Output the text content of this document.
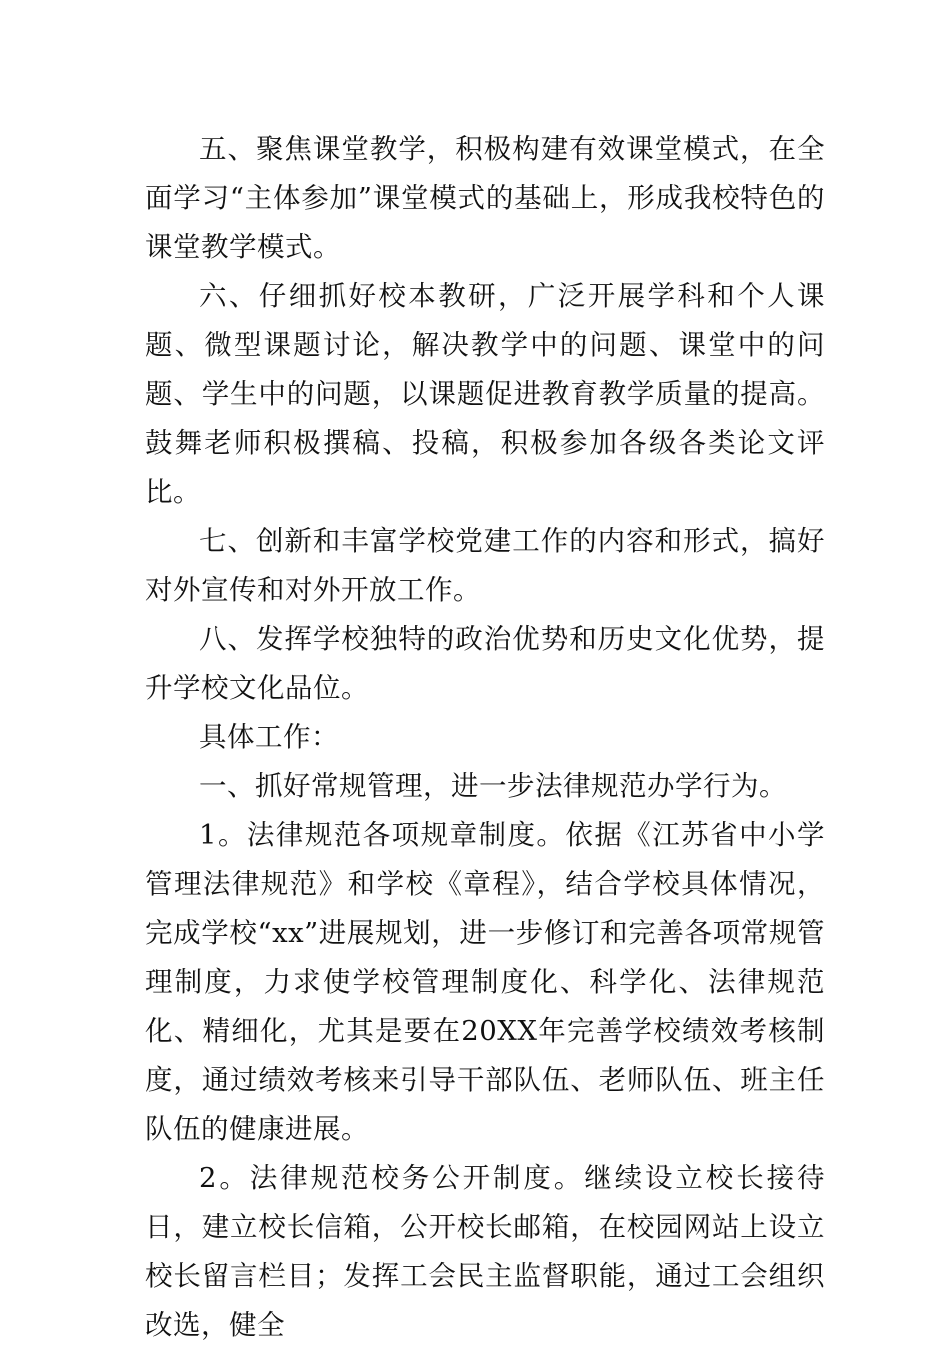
五、聚焦课堂教学，积极构建有效课堂模式，在全面学习“主体参加”课堂模式的基础上，形成我校特色的课堂教学模式。

六、仔细抓好校本教研，广泛开展学科和个人课题、微型课题讨论，解决教学中的问题、课堂中的问题、学生中的问题，以课题促进教育教学质量的提高。鼓舞老师积极撰稿、投稿，积极参加各级各类论文评比。

七、创新和丰富学校党建工作的内容和形式，搞好对外宣传和对外开放工作。

八、发挥学校独特的政治优势和历史文化优势，提升学校文化品位。

具体工作：

一、抓好常规管理，进一步法律规范办学行为。

1。法律规范各项规章制度。依据《江苏省中小学管理法律规范》和学校《章程》，结合学校具体情况，完成学校“xx”进展规划，进一步修订和完善各项常规管理制度，力求使学校管理制度化、科学化、法律规范化、精细化，尤其是要在20XX年完善学校绩效考核制度，通过绩效考核来引导干部队伍、老师队伍、班主任队伍的健康进展。

2。法律规范校务公开制度。继续设立校长接待日，建立校长信箱，公开校长邮箱，在校园网站上设立校长留言栏目；发挥工会民主监督职能，通过工会组织改选，健全
